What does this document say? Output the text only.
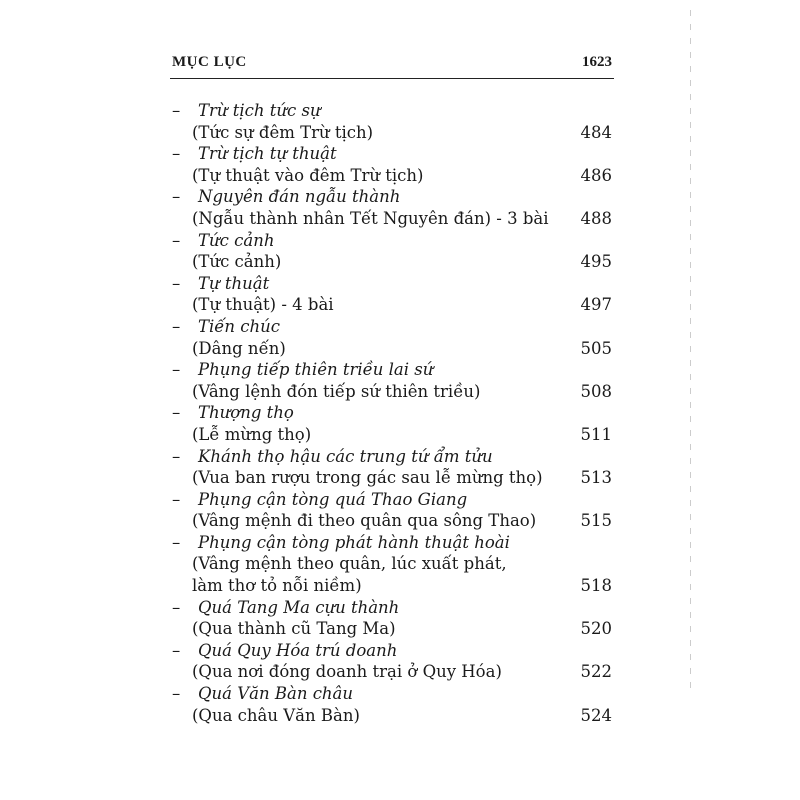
MỤC LỤC	1623
– Trừ tịch tức sự
(Tức sự đêm Trừ tịch)	484
– Trừ tịch tự thuật
(Tự thuật vào đêm Trừ tịch)	486
– Nguyên đán ngẫu thành
(Ngẫu thành nhân Tết Nguyên đán) - 3 bài 488
– Tức cảnh
(Tức cảnh)	495
– Tự thuật
(Tự thuật) - 4 bài	497
– Tiến chúc
(Dâng nến)	505
– Phụng tiếp thiên triều lai sứ
(Vâng lệnh đón tiếp sứ thiên triều)	508
– Thượng thọ
(Lễ mừng thọ)	511
– Khánh thọ hậu các trung tứ ẩm tửu
(Vua ban rượu trong gác sau lễ mừng thọ) 513
– Phụng cận tòng quá Thao Giang
(Vâng mệnh đi theo quân qua sông Thao)	515
– Phụng cận tòng phát hành thuật hoài
(Vâng mệnh theo quân, lúc xuất phát,
làm thơ tỏ nỗi niềm)	518
– Quá Tang Ma cựu thành
(Qua thành cũ Tang Ma)	520
– Quá Quy Hóa trú doanh
(Qua nơi đóng doanh trại ở Quy Hóa)	522
– Quá Văn Bàn châu
(Qua châu Văn Bàn)	524
